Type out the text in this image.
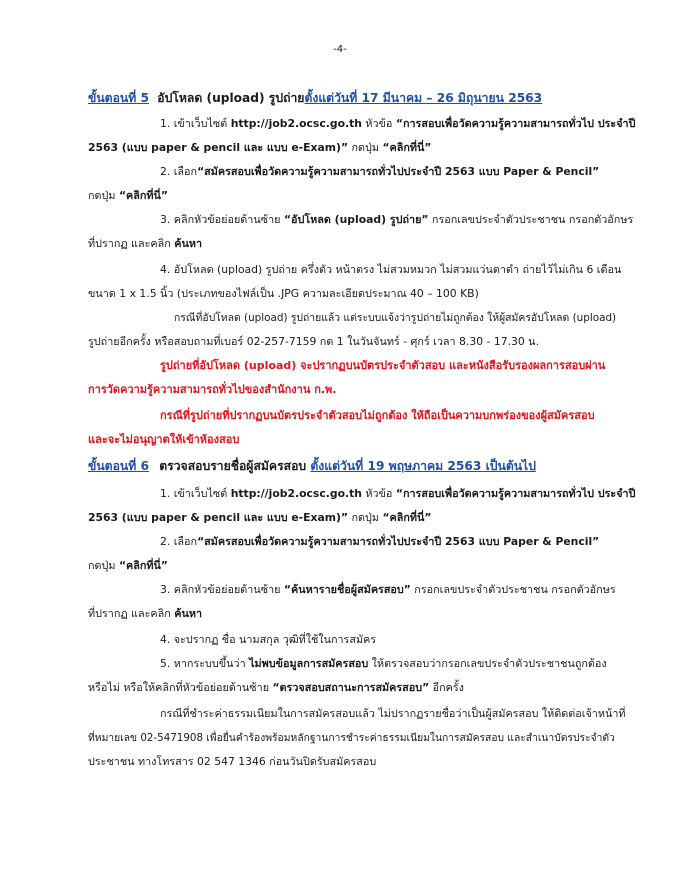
-4-
ขั้นตอนที่ 5 อัปโหลด (upload) รูปถ่ายตั้งแต่วันที่ 17 มีนาคม – 26 มิถุนายน 2563
1. เข้าเว็บไซต์ http://job2.ocsc.go.th หัวข้อ “การสอบเพื่อวัดความรู้ความสามารถทั่วไป ประจำปี
2563 (แบบ paper & pencil และ แบบ e-Exam)” กดปุ่ม “คลิกที่นี่”
2. เลือก“สมัครสอบเพื่อวัดความรู้ความสามารถทั่วไปประจำปี 2563 แบบ Paper & Pencil”
กดปุ่ม “คลิกที่นี่”
3. คลิกหัวข้อย่อยด้านซ้าย “อัปโหลด (upload) รูปถ่าย” กรอกเลขประจำตัวประชาชน กรอกตัวอักษร
ที่ปรากฏ และคลิก ค้นหา
4. อัปโหลด (upload) รูปถ่าย ครึ่งตัว หน้าตรง ไม่สวมหมวก ไม่สวมแว่นตาดำ ถ่ายไว้ไม่เกิน 6 เดือน
ขนาด 1 x 1.5 นิ้ว (ประเภทของไฟล์เป็น .JPG ความละเอียดประมาณ 40 – 100 KB)
กรณีที่อัปโหลด (upload) รูปถ่ายแล้ว แต่ระบบแจ้งว่ารูปถ่ายไม่ถูกต้อง ให้ผู้สมัครอัปโหลด (upload)
รูปถ่ายอีกครั้ง หรือสอบถามที่เบอร์ 02-257-7159 กด 1 ในวันจันทร์ - ศุกร์ เวลา 8.30 - 17.30 น.
รูปถ่ายที่อัปโหลด (upload) จะปรากฏบนบัตรประจำตัวสอบ และหนังสือรับรองผลการสอบผ่าน
การวัดความรู้ความสามารถทั่วไปของสำนักงาน ก.พ.
กรณีที่รูปถ่ายที่ปรากฏบนบัตรประจำตัวสอบไม่ถูกต้อง ให้ถือเป็นความบกพร่องของผู้สมัครสอบ
และจะไม่อนุญาตให้เข้าห้องสอบ
ขั้นตอนที่ 6 ตรวจสอบรายชื่อผู้สมัครสอบ ตั้งแต่วันที่ 19 พฤษภาคม 2563 เป็นต้นไป
1. เข้าเว็บไซต์ http://job2.ocsc.go.th หัวข้อ “การสอบเพื่อวัดความรู้ความสามารถทั่วไป ประจำปี
2563 (แบบ paper & pencil และ แบบ e-Exam)” กดปุ่ม “คลิกที่นี่”
2. เลือก“สมัครสอบเพื่อวัดความรู้ความสามารถทั่วไปประจำปี 2563 แบบ Paper & Pencil”
กดปุ่ม “คลิกที่นี่”
3. คลิกหัวข้อย่อยด้านซ้าย “ค้นหารายชื่อผู้สมัครสอบ” กรอกเลขประจำตัวประชาชน กรอกตัวอักษร
ที่ปรากฏ และคลิก ค้นหา
4. จะปรากฏ ชื่อ นามสกุล วุฒิที่ใช้ในการสมัคร
5. หากระบบขึ้นว่า ไม่พบข้อมูลการสมัครสอบ ให้ตรวจสอบว่ากรอกเลขประจำตัวประชาชนถูกต้อง
หรือไม่ หรือให้คลิกที่หัวข้อย่อยด้านซ้าย “ตรวจสอบสถานะการสมัครสอบ” อีกครั้ง
กรณีที่ชำระค่าธรรมเนียมในการสมัครสอบแล้ว ไม่ปรากฏรายชื่อว่าเป็นผู้สมัครสอบ ให้ติดต่อเจ้าหน้าที่
ที่หมายเลข 02-5471908 เพื่อยื่นคำร้องพร้อมหลักฐานการชำระค่าธรรมเนียมในการสมัครสอบ และสำเนาบัตรประจำตัว
ประชาชน ทางโทรสาร 02 547 1346 ก่อนวันปิดรับสมัครสอบ
